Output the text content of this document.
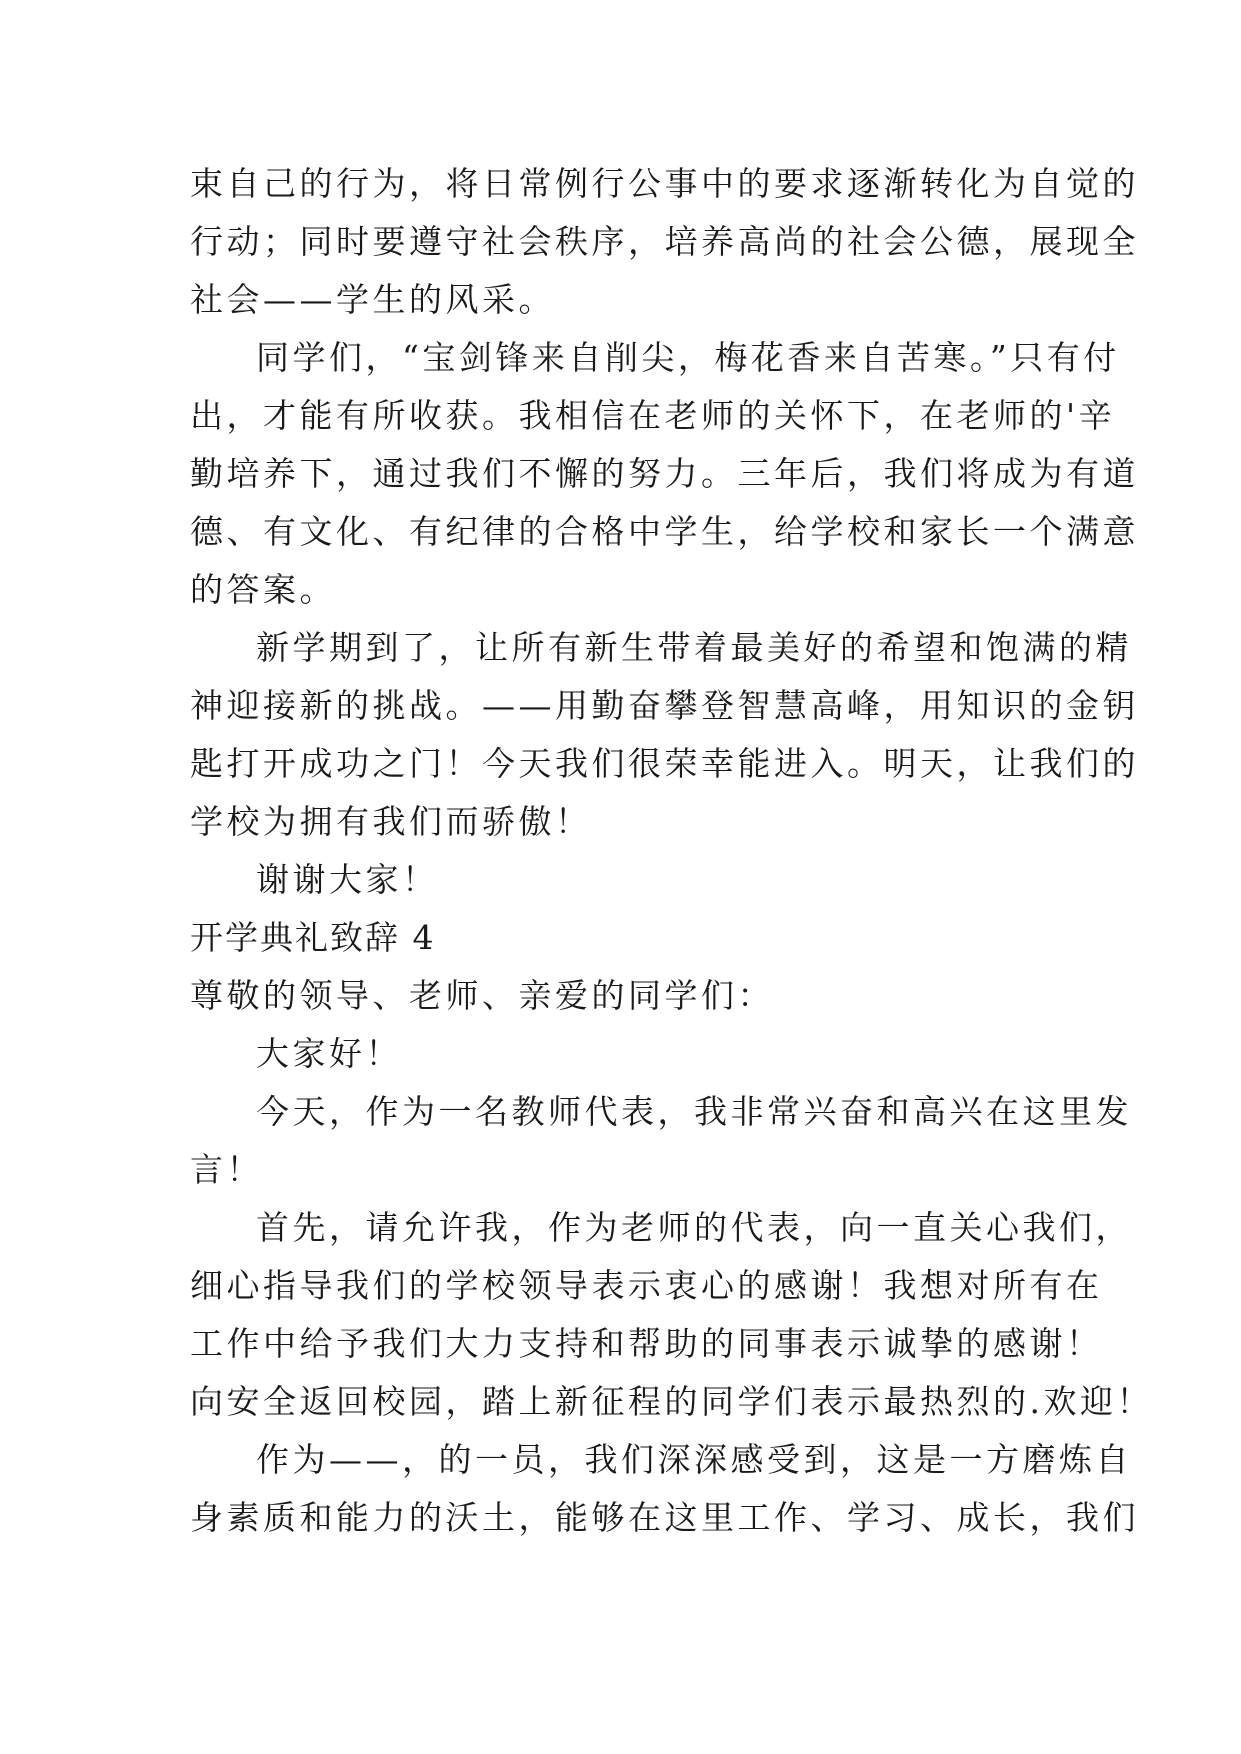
束自己的行为，将日常例行公事中的要求逐渐转化为自觉的
行动；同时要遵守社会秩序，培养高尚的社会公德，展现全
社会——学生的风采。
同学们，“宝剑锋来自削尖，梅花香来自苦寒。”只有付
出，才能有所收获。我相信在老师的关怀下，在老师的'辛
勤培养下，通过我们不懈的努力。三年后，我们将成为有道
德、有文化、有纪律的合格中学生，给学校和家长一个满意
的答案。
新学期到了，让所有新生带着最美好的希望和饱满的精
神迎接新的挑战。——用勤奋攀登智慧高峰，用知识的金钥
匙打开成功之门！今天我们很荣幸能进入。明天，让我们的
学校为拥有我们而骄傲！
谢谢大家！
开学典礼致辞 4
尊敬的领导、老师、亲爱的同学们：
大家好！
今天，作为一名教师代表，我非常兴奋和高兴在这里发
言！
首先，请允许我，作为老师的代表，向一直关心我们，
细心指导我们的学校领导表示衷心的感谢！我想对所有在
工作中给予我们大力支持和帮助的同事表示诚挚的感谢！
向安全返回校园，踏上新征程的同学们表示最热烈的.欢迎！
作为——，的一员，我们深深感受到，这是一方磨炼自
身素质和能力的沃土，能够在这里工作、学习、成长，我们
